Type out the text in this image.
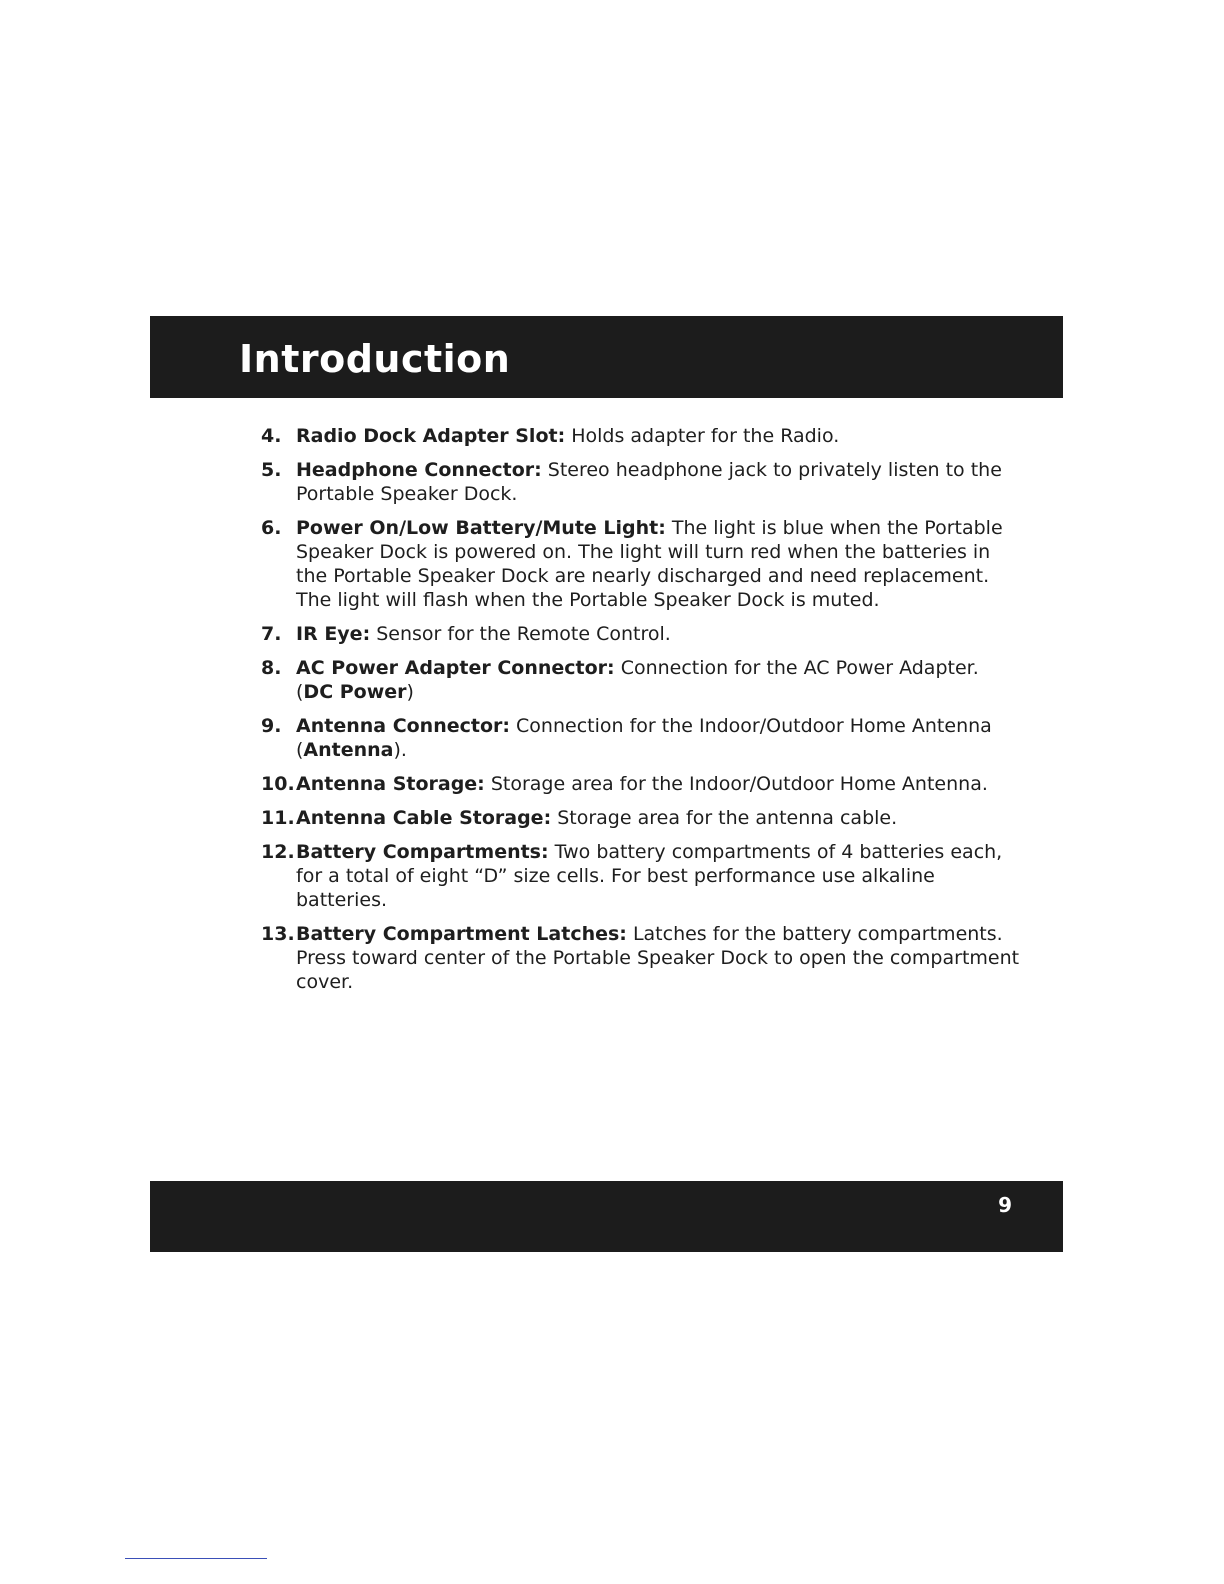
Introduction
4. Radio Dock Adapter Slot: Holds adapter for the Radio.
5. Headphone Connector: Stereo headphone jack to privately listen to the Portable Speaker Dock.
6. Power On/Low Battery/Mute Light: The light is blue when the Portable Speaker Dock is powered on. The light will turn red when the batteries in the Portable Speaker Dock are nearly discharged and need replacement. The light will flash when the Portable Speaker Dock is muted.
7. IR Eye: Sensor for the Remote Control.
8. AC Power Adapter Connector: Connection for the AC Power Adapter. (DC Power)
9. Antenna Connector: Connection for the Indoor/Outdoor Home Antenna (Antenna).
10. Antenna Storage: Storage area for the Indoor/Outdoor Home Antenna.
11. Antenna Cable Storage: Storage area for the antenna cable.
12. Battery Compartments: Two battery compartments of 4 batteries each, for a total of eight “D” size cells. For best performance use alkaline batteries.
13. Battery Compartment Latches: Latches for the battery compartments. Press toward center of the Portable Speaker Dock to open the compartment cover.
9
